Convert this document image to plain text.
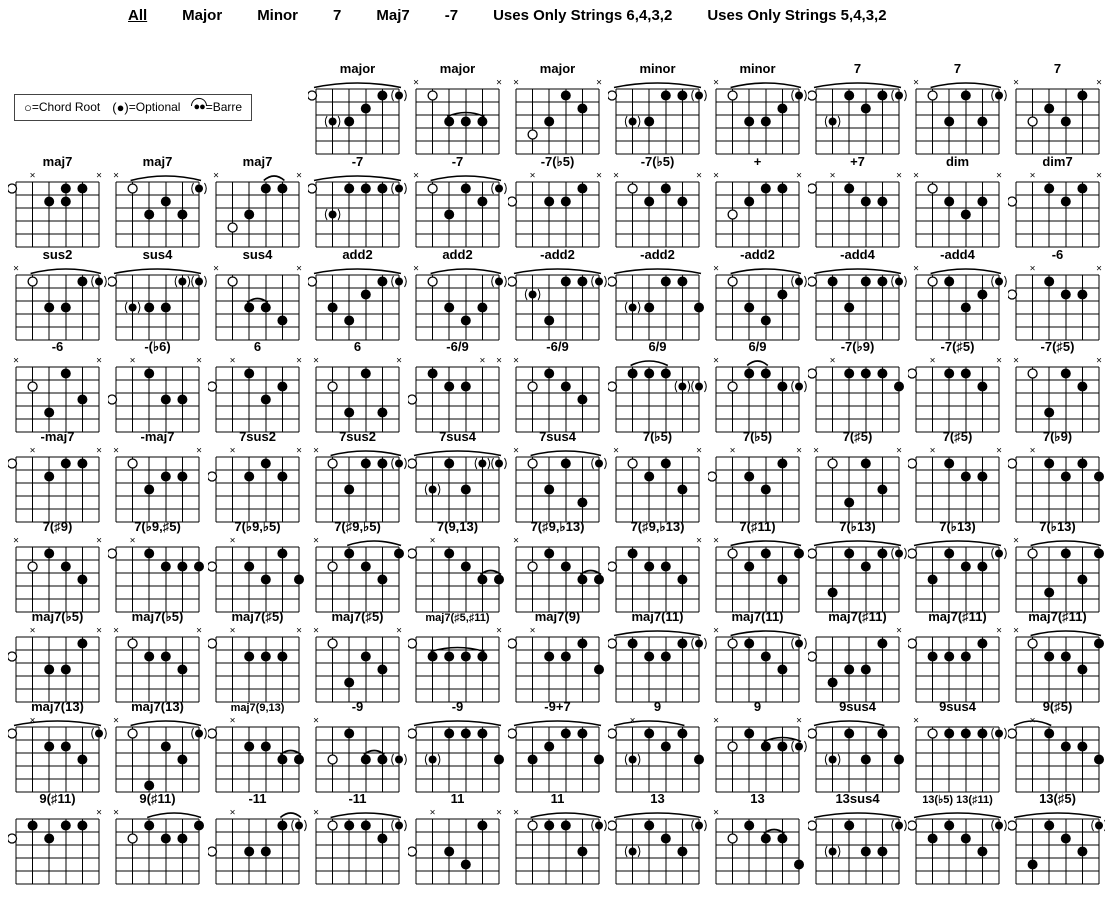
All Major Minor 7 Maj7 -7 Uses Only Strings 6,4,3,2 Uses Only Strings 5,4,3,2
○ =Chord Root (●) =Optional ●● =Barre
major	major
×	×
major
×	×
minor	minor
×
7	7
×
7
×	×
maj7
×	×
maj7
×
maj7
×	×
-7	-7
×
-7(♭5)
×	×
-7(♭5)
×	×
+
×	×
+7
×	×
dim
×	×
dim7
×	×
sus2
×
sus4	sus4
×	×
add2	add2
×
-add2	-add2	-add2
×
-add4	-add4
×
-6
×	×
-6
×	×
-(♭6)
×	×
6
×	×
6
×	×
-6/9
× ×
-6/9
×
6/9	6/9
×
-7(♭9)
×
-7(♯5)
×	×
-7(♯5)
×	×
-maj7
×	×
-maj7
×	×
7sus2
×	×
7sus2
×
7sus4	7sus4
×
7(♭5)
×	×
7(♭5)
×	×
7(♯5)
×	×
7(♯5)
×	×
7(♭9)
×
7(♯9)
×	×
7(♭9,♯5)
×
7(♭9,♭5)
×
7(♯9,♭5)
×
7(9,13)
×
7(♯9,♭13)
×
7(♯9,♭13)
×
7(♯11)
×
7(♭13)	7(♭13)	7(♭13)
×
maj7(♭5)
×	×
maj7(♭5)
×	×
maj7(♯5)
×	×
maj7(♯5)
×	×
maj7(♯5,♯11)
×
maj7(9)
×
maj7(11)	maj7(11)
×
maj7(♯11)
×
maj7(♯11)
×
maj7(♯11)
×
maj7(13)
×
maj7(13)
×
maj7(9,13)
×
-9
×
-9	-9+7	9
×
9
×	×
9sus4	9sus4
×
9(♯5)
×
9(♯11)
×
9(♯11)
×
-11
×
-11
×
11
×	×
11
×
13	13
×
13sus4	13(♭5) 13(♯11)	13(♯5)
